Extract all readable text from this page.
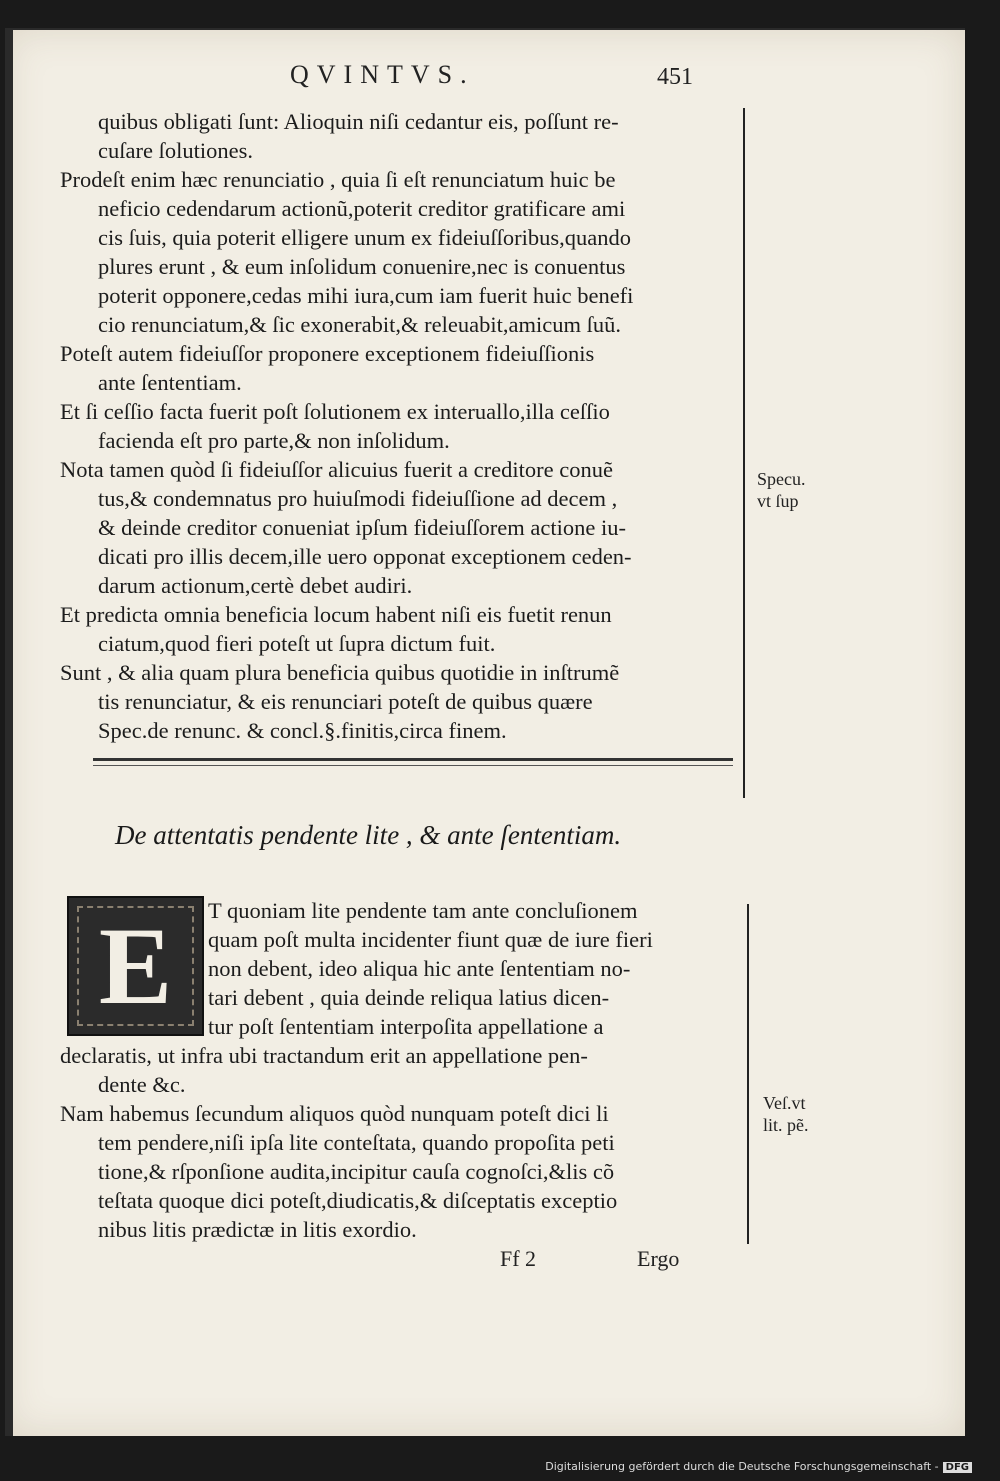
QVINTVS.	451
quibus obligati ſunt: Alioquin niſi cedantur eis, poſſunt re-
cuſare ſolutiones.
Prodeſt enim hæc renunciatio , quia ſi eſt renunciatum huic be
neficio cedendarum actionũ,poterit creditor gratificare ami
cis ſuis, quia poterit elligere unum ex fideiuſſoribus,quando
plures erunt , & eum inſolidum conuenire,nec is conuentus
poterit opponere,cedas mihi iura,cum iam fuerit huic benefi
cio renunciatum,& ſic exonerabit,& releuabit,amicum ſuũ.
Poteſt autem fideiuſſor proponere exceptionem fideiuſſionis
ante ſententiam.
Et ſi ceſſio facta fuerit poſt ſolutionem ex interuallo,illa ceſſio
facienda eſt pro parte,& non inſolidum.
Nota tamen quòd ſi fideiuſſor alicuius fuerit a creditore conuẽ
tus,& condemnatus pro huiuſmodi fideiuſſione ad decem ,
& deinde creditor conueniat ipſum fideiuſſorem actione iu-
dicati pro illis decem,ille uero opponat exceptionem ceden-
darum actionum,certè debet audiri.
Et predicta omnia beneficia locum habent niſi eis fuetit renun
ciatum,quod fieri poteſt ut ſupra dictum fuit.
Sunt , & alia quam plura beneficia quibus quotidie in inſtrumẽ
tis renunciatur, & eis renunciari poteſt de quibus quære
Spec.de renunc. & concl.§.finitis,circa finem.
De attentatis pendente lite , & ante ſententiam.
E	T quoniam lite pendente tam ante concluſionem
quam poſt multa incidenter fiunt quæ de iure fieri
non debent, ideo aliqua hic ante ſententiam no-
tari debent , quia deinde reliqua latius dicen-
tur poſt ſententiam interpoſita appellatione a
declaratis, ut infra ubi tractandum erit an appellatione pen-
dente &c.
Nam habemus ſecundum aliquos quòd nunquam poteſt dici li
tem pendere,niſi ipſa lite conteſtata, quando propoſita peti
tione,& rſponſione audita,incipitur cauſa cognoſci,&lis cõ
teſtata quoque dici poteſt,diudicatis,& diſceptatis exceptio
nibus litis prædictæ in litis exordio.
Specu.
vt ſup
Veſ.vt
lit. pẽ.
Ff 2	Ergo
Digitalisierung gefördert durch die Deutsche Forschungsgemeinschaft - DFG
